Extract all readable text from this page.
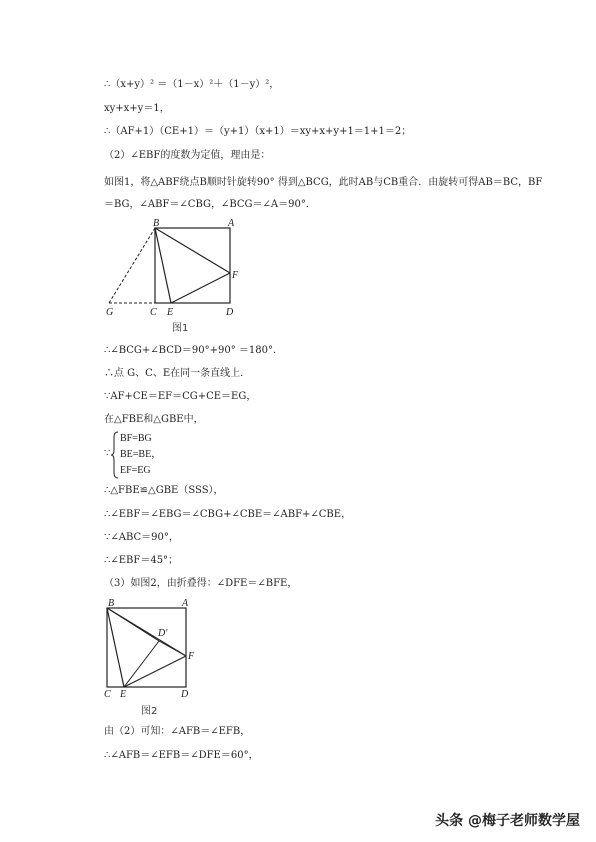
∴（x+y）² ＝（1－x）²＋（1－y）²，
xy+x+y＝1，
∴（AF+1）（CE+1）＝（y+1）（x+1）＝xy+x+y+1＝1+1＝2；
（2）∠EBF的度数为定值，理由是：
如图1，将△ABF绕点B顺时针旋转90° 得到△BCG，此时AB与CB重合．由旋转可得AB＝BC，BF＝BG，∠ABF＝∠CBG，∠BCG＝∠A＝90°．
B	A
F
G	C E	D
图1
∴∠BCG+∠BCD＝90°+90° ＝180°．
∴点 G、C、E在同一条直线上．
∵AF+CE＝EF＝CG+CE＝EG，
在△FBE和△GBE中，
∵
BF=BG
BE=BE，
EF=EG
∴△FBE≌△GBE（SSS），
∴∠EBF＝∠EBG＝∠CBG+∠CBE＝∠ABF+∠CBE，
∵∠ABC＝90°，
∴∠EBF＝45°；
（3）如图2，由折叠得：∠DFE＝∠BFE，
B	A
D'
F
C E	D
图2
由（2）可知：∠AFB＝∠EFB，
∴∠AFB＝∠EFB＝∠DFE＝60°，
头条 @梅子老师数学屋
